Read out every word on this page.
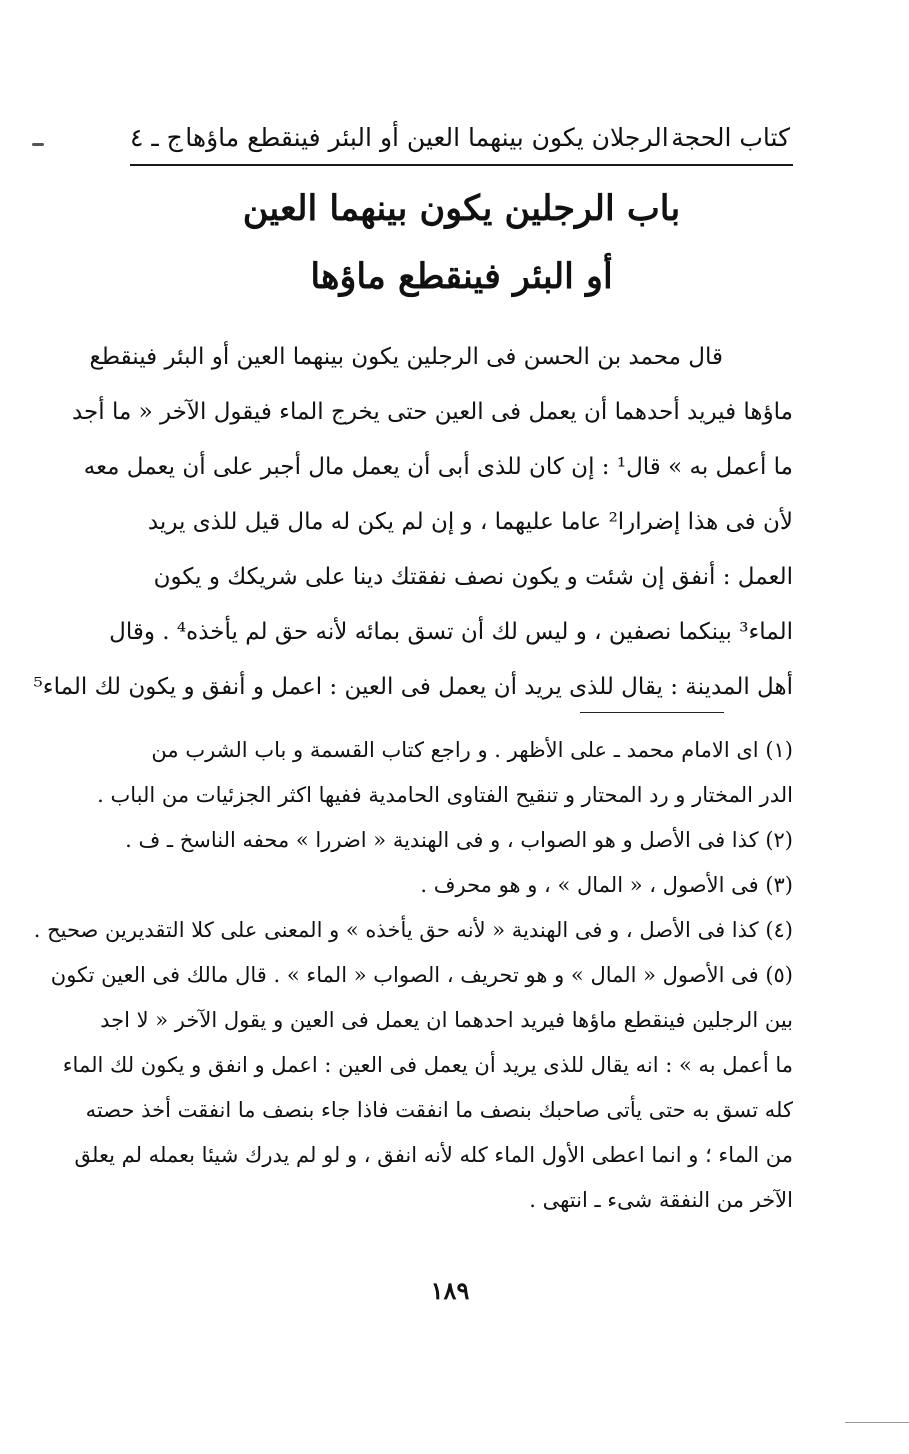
كتاب الحجة
الرجلان يكون بينهما العين أو البئر فينقطع ماؤها
ج ـ ٤
باب الرجلين يكون بينهما العين
أو البئر فينقطع ماؤها
قال محمد بن الحسن فى الرجلين يكون بينهما العين أو البئر فينقطع
ماؤها فيريد أحدهما أن يعمل فى العين حتى يخرج الماء فيقول الآخر « ما أجد
ما أعمل به » قال¹ : إن كان للذى أبى أن يعمل مال أجبر على أن يعمل معه
لأن فى هذا إضرارا² عاما عليهما ، و إن لم يكن له مال قيل للذى يريد
العمل : أنفق إن شئت و يكون نصف نفقتك دينا على شريكك و يكون
الماء³ بينكما نصفين ، و ليس لك أن تسق بمائه لأنه حق لم يأخذه⁴ . وقال
أهل المدينة : يقال للذى يريد أن يعمل فى العين : اعمل و أنفق و يكون لك الماء⁵
(١) اى الامام محمد ـ على الأظهر . و راجع كتاب القسمة و باب الشرب من
الدر المختار و رد المحتار و تنقيح الفتاوى الحامدية ففيها اكثر الجزئيات من الباب .
(٢) كذا فى الأصل و هو الصواب ، و فى الهندية « اضررا » محفه الناسخ ـ ف .
(٣) فى الأصول ، « المال » ، و هو محرف .
(٤) كذا فى الأصل ، و فى الهندية « لأنه حق يأخذه » و المعنى على كلا التقديرين صحيح .
(٥) فى الأصول « المال » و هو تحريف ، الصواب « الماء » . قال مالك فى العين تكون
بين الرجلين فينقطع ماؤها فيريد احدهما ان يعمل فى العين و يقول الآخر « لا اجد
ما أعمل به » : انه يقال للذى يريد أن يعمل فى العين : اعمل و انفق و يكون لك الماء
كله تسق به حتى يأتى صاحبك بنصف ما انفقت فاذا جاء بنصف ما انفقت أخذ حصته
من الماء ؛ و انما اعطى الأول الماء كله لأنه انفق ، و لو لم يدرك شيئا بعمله لم يعلق
الآخر من النفقة شىء ـ انتهى .
١٨٩
